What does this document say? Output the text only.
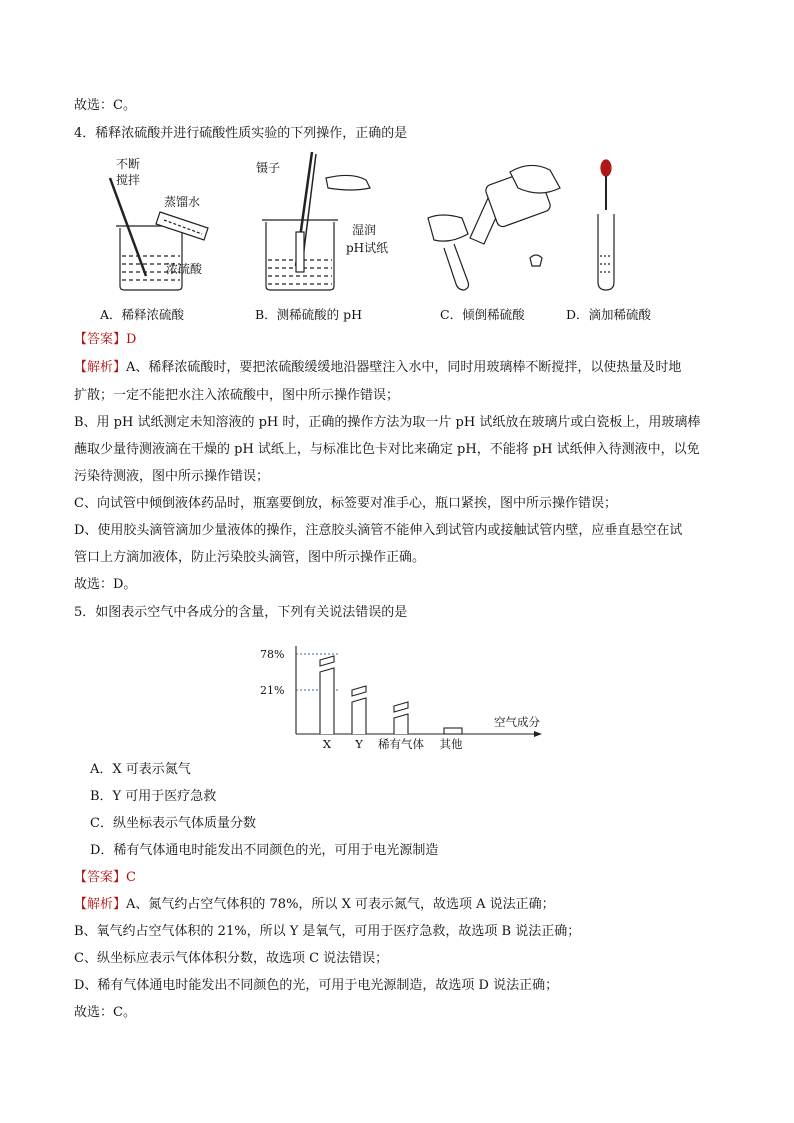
故选：C。
4．稀释浓硫酸并进行硫酸性质实验的下列操作，正确的是
不断
搅拌
蒸馏水
浓硫酸
镊子
湿润
pH试纸
A．稀释浓硫酸	B．测稀硫酸的 pH	C．倾倒稀硫酸	D．滴加稀硫酸
【答案】D
【解析】A、稀释浓硫酸时，要把浓硫酸缓缓地沿器壁注入水中，同时用玻璃棒不断搅拌，以使热量及时地
扩散；一定不能把水注入浓硫酸中，图中所示操作错误；
B、用 pH 试纸测定未知溶液的 pH 时，正确的操作方法为取一片 pH 试纸放在玻璃片或白瓷板上，用玻璃棒
蘸取少量待测液滴在干燥的 pH 试纸上，与标准比色卡对比来确定 pH，不能将 pH 试纸伸入待测液中，以免
污染待测液，图中所示操作错误；
C、向试管中倾倒液体药品时，瓶塞要倒放，标签要对准手心，瓶口紧挨，图中所示操作错误；
D、使用胶头滴管滴加少量液体的操作，注意胶头滴管不能伸入到试管内或接触试管内壁，应垂直悬空在试
管口上方滴加液体，防止污染胶头滴管，图中所示操作正确。
故选：D。
5．如图表示空气中各成分的含量，下列有关说法错误的是
78%
21%
X Y 稀有气体 其他
空气成分
A．X 可表示氮气
B．Y 可用于医疗急救
C．纵坐标表示气体质量分数
D．稀有气体通电时能发出不同颜色的光，可用于电光源制造
【答案】C
【解析】A、氮气约占空气体积的 78%，所以 X 可表示氮气，故选项 A 说法正确；
B、氧气约占空气体积的 21%，所以 Y 是氧气，可用于医疗急救，故选项 B 说法正确；
C、纵坐标应表示气体体积分数，故选项 C 说法错误；
D、稀有气体通电时能发出不同颜色的光，可用于电光源制造，故选项 D 说法正确；
故选：C。
